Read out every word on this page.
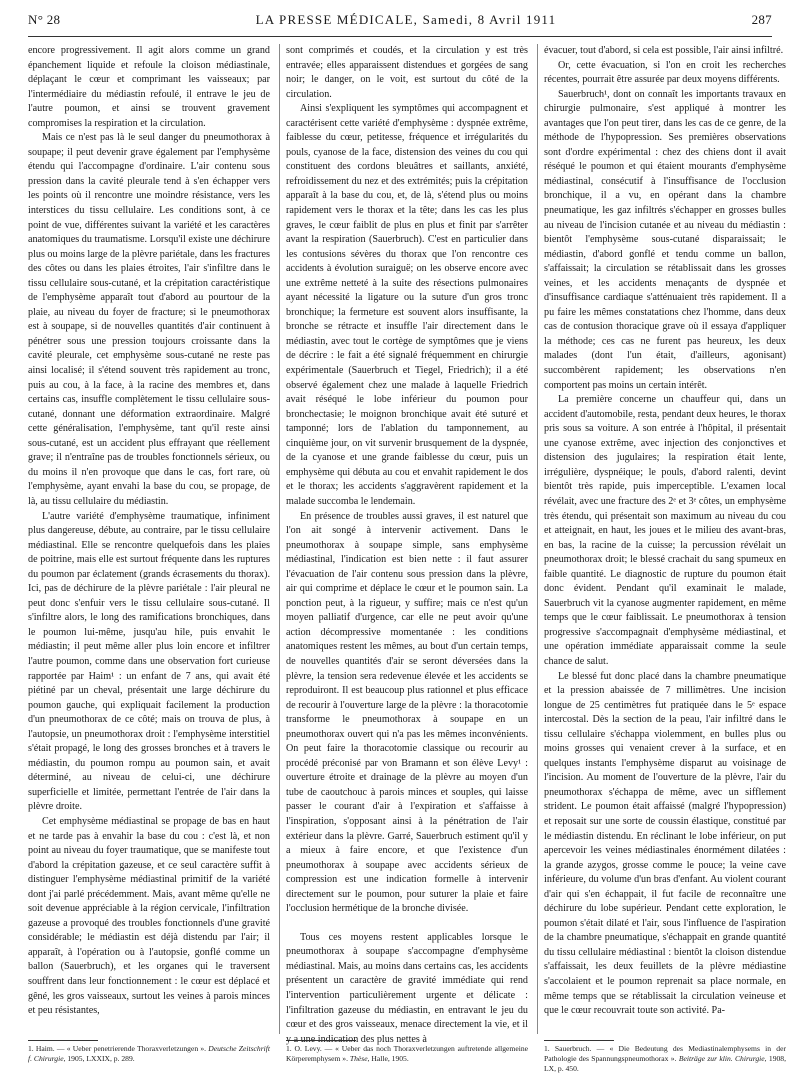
N° 28	LA PRESSE MÉDICALE, Samedi, 8 Avril 1911	287

encore progressivement. Il agit alors comme un grand épanchement liquide et refoule la cloison médiastinale, déplaçant le cœur et comprimant les vaisseaux; par l'intermédiaire du médiastin refoulé, il entrave le jeu de l'autre poumon, et ainsi se trouvent gravement compromises la respiration et la circulation.

Mais ce n'est pas là le seul danger du pneumothorax à soupape; il peut devenir grave également par l'emphysème étendu qui l'accompagne d'ordinaire. L'air contenu sous pression dans la cavité pleurale tend à s'en échapper vers les points où il rencontre une moindre résistance, vers les interstices du tissu cellulaire. Les conditions sont, à ce point de vue, différentes suivant la variété et les caractères anatomiques du traumatisme. Lorsqu'il existe une déchirure plus ou moins large de la plèvre pariétale, dans les fractures des côtes ou dans les plaies étroites, l'air s'infiltre dans le tissu cellulaire sous-cutané, et la crépitation caractéristique de l'emphysème apparaît tout d'abord au pourtour de la plaie, au niveau du foyer de fracture; si le pneumothorax est à soupape, si de nouvelles quantités d'air continuent à pénétrer sous une pression toujours croissante dans la cavité pleurale, cet emphysème sous-cutané ne reste pas ainsi localisé; il s'étend souvent très rapidement au tronc, puis au cou, à la face, à la racine des membres et, dans certains cas, insuffle complètement le tissu cellulaire sous-cutané, donnant une déformation extraordinaire. Malgré cette généralisation, l'emphysème, tant qu'il reste ainsi sous-cutané, est un accident plus effrayant que réellement grave; il n'entraîne pas de troubles fonctionnels sérieux, ou du moins il n'en provoque que dans le cas, fort rare, où l'emphysème, ayant envahi la base du cou, se propage, de là, au tissu cellulaire du médiastin.

L'autre variété d'emphysème traumatique, infiniment plus dangereuse, débute, au contraire, par le tissu cellulaire médiastinal. Elle se rencontre quelquefois dans les plaies de poitrine, mais elle est surtout fréquente dans les ruptures du poumon par éclatement (grands écrasements du thorax). Ici, pas de déchirure de la plèvre pariétale : l'air pleural ne peut donc s'enfuir vers le tissu cellulaire sous-cutané. Il s'infiltre alors, le long des ramifications bronchiques, dans le poumon lui-même, jusqu'au hile, puis envahit le médiastin; il peut même aller plus loin encore et infiltrer l'autre poumon, comme dans une observation fort curieuse rapportée par Haim¹ : un enfant de 7 ans, qui avait été piétiné par un cheval, présentait une large déchirure du poumon gauche, qui expliquait facilement la production d'un pneumothorax de ce côté; mais on trouva de plus, à l'autopsie, un pneumothorax droit : l'emphysème interstitiel s'était propagé, le long des grosses bronches et à travers le médiastin, du poumon rompu au poumon sain, et avait déterminé, au niveau de celui-ci, une déchirure superficielle et limitée, permettant l'entrée de l'air dans la plèvre droite.

Cet emphysème médiastinal se propage de bas en haut et ne tarde pas à envahir la base du cou : c'est là, et non point au niveau du foyer traumatique, que se manifeste tout d'abord la crépitation gazeuse, et ce seul caractère suffit à distinguer l'emphysème médiastinal primitif de la variété dont j'ai parlé précédemment. Mais, avant même qu'elle ne soit devenue appréciable à la région cervicale, l'infiltration gazeuse a provoqué des troubles fonctionnels d'une gravité considérable; le médiastin est déjà distendu par l'air; il apparaît, à l'opération ou à l'autopsie, gonflé comme un ballon (Sauerbruch), et les organes qui le traversent souffrent dans leur fonctionnement : le cœur est déplacé et gêné, les gros vaisseaux, surtout les veines à parois minces et peu résistantes,

sont comprimés et coudés, et la circulation y est très entravée; elles apparaissent distendues et gorgées de sang noir; le danger, on le voit, est surtout du côté de la circulation.

Ainsi s'expliquent les symptômes qui accompagnent et caractérisent cette variété d'emphysème : dyspnée extrême, faiblesse du cœur, petitesse, fréquence et irrégularités du pouls, cyanose de la face, distension des veines du cou qui constituent des cordons bleuâtres et saillants, anxiété, refroidissement du nez et des extrémités; puis la crépitation apparaît à la base du cou, et, de là, s'étend plus ou moins rapidement vers le thorax et la tête; dans les cas les plus graves, le cœur faiblit de plus en plus et finit par s'arrêter avant la respiration (Sauerbruch). C'est en particulier dans les contusions sévères du thorax que l'on rencontre ces accidents à évolution suraiguë; on les observe encore avec une extrême netteté à la suite des résections pulmonaires ayant nécessité la ligature ou la suture d'un gros tronc bronchique; la fermeture est souvent alors insuffisante, la bronche se rétracte et insuffle l'air directement dans le médiastin, avec tout le cortège de symptômes que je viens de décrire : le fait a été signalé fréquemment en chirurgie expérimentale (Sauerbruch et Tiegel, Friedrich); il a été observé également chez une malade à laquelle Friedrich avait réséqué le lobe inférieur du poumon pour bronchectasie; le moignon bronchique avait été suturé et tamponné; lors de l'ablation du tamponnement, au cinquième jour, on vit survenir brusquement de la dyspnée, de la cyanose et une grande faiblesse du cœur, puis un emphysème qui débuta au cou et envahit rapidement le dos et le thorax; les accidents s'aggravèrent rapidement et la malade succomba le lendemain.

En présence de troubles aussi graves, il est naturel que l'on ait songé à intervenir activement. Dans le pneumothorax à soupape simple, sans emphysème médiastinal, l'indication est bien nette : il faut assurer l'évacuation de l'air contenu sous pression dans la plèvre, air qui comprime et déplace le cœur et le poumon sain. La ponction peut, à la rigueur, y suffire; mais ce n'est qu'un moyen palliatif d'urgence, car elle ne peut avoir qu'une action décompressive momentanée : les conditions anatomiques restent les mêmes, au bout d'un certain temps, de nouvelles quantités d'air se seront déversées dans la plèvre, la tension sera redevenue élevée et les accidents se reproduiront. Il est beaucoup plus rationnel et plus efficace de recourir à l'ouverture large de la plèvre : la thoracotomie transforme le pneumothorax à soupape en un pneumothorax ouvert qui n'a pas les mêmes inconvénients. On peut faire la thoracotomie classique ou recourir au procédé préconisé par von Bramann et son élève Levy¹ : ouverture étroite et drainage de la plèvre au moyen d'un tube de caoutchouc à parois minces et souples, qui laisse passer le courant d'air à l'expiration et s'affaisse à l'inspiration, s'opposant ainsi à la pénétration de l'air extérieur dans la plèvre. Garré, Sauerbruch estiment qu'il y a mieux à faire encore, et que l'existence d'un pneumothorax à soupape avec accidents sérieux de compression est une indication formelle à intervenir directement sur le poumon, pour suturer la plaie et faire l'occlusion hermétique de la bronche divisée.

Tous ces moyens restent applicables lorsque le pneumothorax à soupape s'accompagne d'emphysème médiastinal. Mais, au moins dans certains cas, les accidents présentent un caractère de gravité immédiate qui rend l'intervention particulièrement urgente et délicate : l'infiltration gazeuse du médiastin, en entravant le jeu du cœur et des gros vaisseaux, menace directement la vie, et il y a une indication des plus nettes à

évacuer, tout d'abord, si cela est possible, l'air ainsi infiltré.

Or, cette évacuation, si l'on en croit les recherches récentes, pourrait être assurée par deux moyens différents.

Sauerbruch¹, dont on connaît les importants travaux en chirurgie pulmonaire, s'est appliqué à montrer les avantages que l'on peut tirer, dans les cas de ce genre, de la méthode de l'hypopression. Ses premières observations sont d'ordre expérimental : chez des chiens dont il avait réséqué le poumon et qui étaient mourants d'emphysème médiastinal, consécutif à l'insuffisance de l'occlusion bronchique, il a vu, en opérant dans la chambre pneumatique, les gaz infiltrés s'échapper en grosses bulles au niveau de l'incision cutanée et au niveau du médiastin : bientôt l'emphysème sous-cutané disparaissait; le médiastin, d'abord gonflé et tendu comme un ballon, s'affaissait; la circulation se rétablissait dans les grosses veines, et les accidents menaçants de dyspnée et d'insuffisance cardiaque s'atténuaient très rapidement. Il a pu faire les mêmes constatations chez l'homme, dans deux cas de contusion thoracique grave où il essaya d'appliquer la méthode; ces cas ne furent pas heureux, les deux malades (dont l'un était, d'ailleurs, agonisant) succombèrent rapidement; les observations n'en comportent pas moins un certain intérêt.

La première concerne un chauffeur qui, dans un accident d'automobile, resta, pendant deux heures, le thorax pris sous sa voiture. A son entrée à l'hôpital, il présentait une cyanose extrême, avec injection des conjonctives et distension des jugulaires; la respiration était lente, irrégulière, dyspnéique; le pouls, d'abord ralenti, devint bientôt très rapide, puis imperceptible. L'examen local révélait, avec une fracture des 2ᵉ et 3ᵉ côtes, un emphysème très étendu, qui présentait son maximum au niveau du cou et atteignait, en haut, les joues et le milieu des avant-bras, en bas, la racine de la cuisse; la percussion révélait un pneumothorax droit; le blessé crachait du sang spumeux en faible quantité. Le diagnostic de rupture du poumon était donc évident. Pendant qu'il examinait le malade, Sauerbruch vit la cyanose augmenter rapidement, en même temps que le cœur faiblissait. Le pneumothorax à tension progressive s'accompagnait d'emphysème médiastinal, et une opération immédiate apparaissait comme la seule chance de salut.

Le blessé fut donc placé dans la chambre pneumatique et la pression abaissée de 7 millimètres. Une incision longue de 25 centimètres fut pratiquée dans le 5ᵉ espace intercostal. Dès la section de la peau, l'air infiltré dans le tissu cellulaire s'échappa violemment, en bulles plus ou moins grosses qui venaient crever à la surface, et en quelques instants l'emphysème disparut au voisinage de l'incision. Au moment de l'ouverture de la plèvre, l'air du pneumothorax s'échappa de même, avec un sifflement strident. Le poumon était affaissé (malgré l'hypopression) et reposait sur une sorte de coussin élastique, constitué par le médiastin distendu. En réclinant le lobe inférieur, on put apercevoir les veines médiastinales énormément dilatées : la grande azygos, grosse comme le pouce; la veine cave inférieure, du volume d'un bras d'enfant. Au violent courant d'air qui s'en échappait, il fut facile de reconnaître une déchirure du lobe supérieur. Pendant cette exploration, le poumon s'était dilaté et l'air, sous l'influence de l'aspiration de la chambre pneumatique, s'échappait en grande quantité du tissu cellulaire médiastinal : bientôt la cloison distendue s'affaissait, les deux feuillets de la plèvre médiastine s'accolaient et le poumon reprenait sa place normale, en même temps que se rétablissait la circulation veineuse et que le cœur recouvrait toute son activité. Pa-

1. Haim. — « Ueber penetrierende Thoraxverletzungen ». Deutsche Zeitschrift f. Chirurgie, 1905, LXXIX, p. 289.
1. O. Levy. — « Ueber das noch Thoraxverletzungen auftretende allgemeine Körperemphysem ». Thèse, Halle, 1905.
1. Sauerbruch. — « Die Bedeutung des Mediastinalemphysems in der Pathologie des Spannungspneumothorax ». Beiträge zur klin. Chirurgie, 1908, LX, p. 450.
